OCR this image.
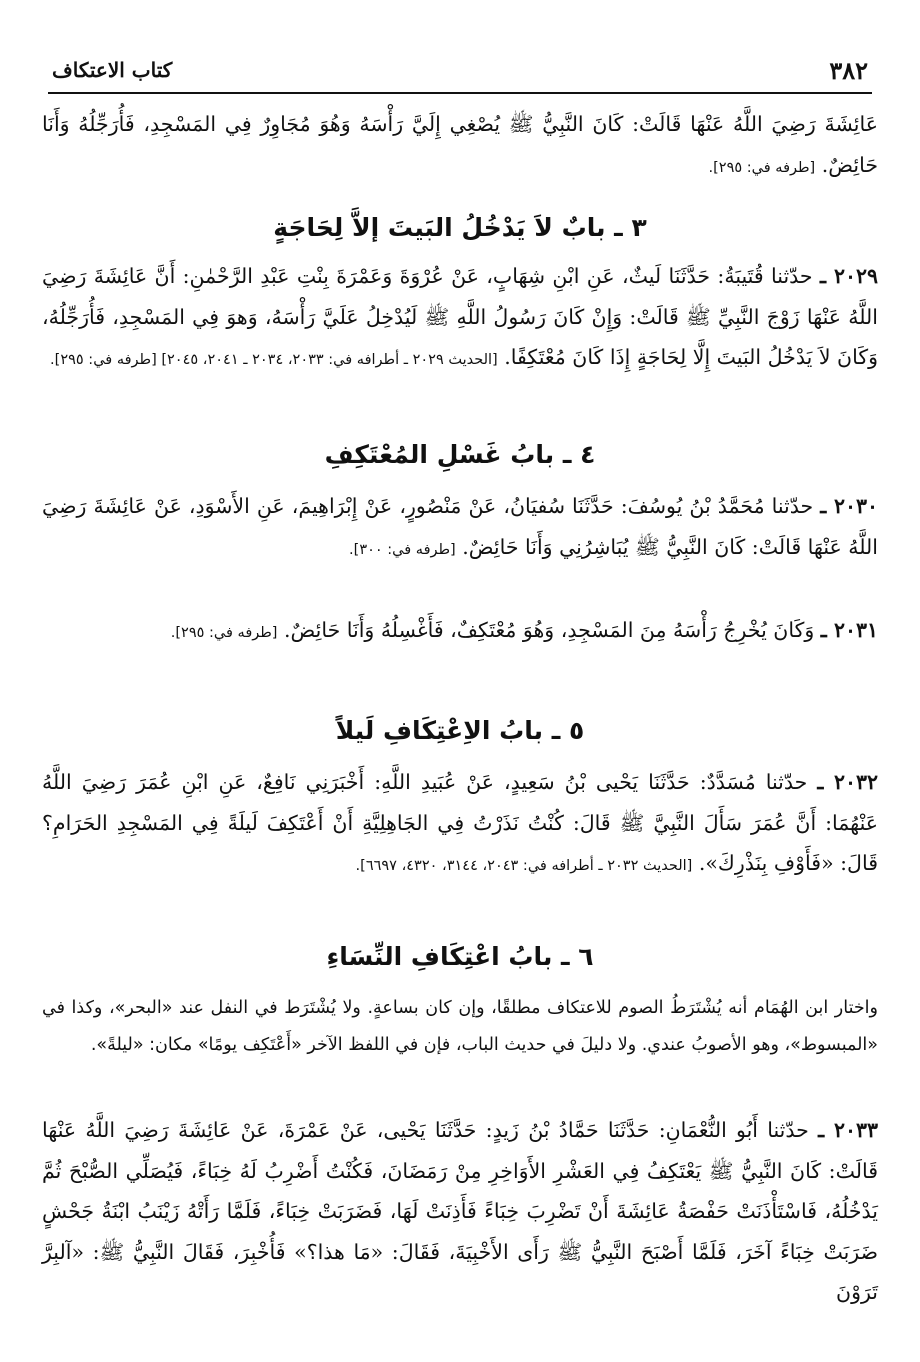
٣٨٢
كتاب الاعتكاف

عَائِشَةَ رَضِيَ اللَّهُ عَنْهَا قَالَتْ: كَانَ النَّبِيُّ ﷺ يُصْغِي إِلَيَّ رَأْسَهُ وَهُوَ مُجَاوِرٌ فِي المَسْجِدِ، فَأُرَجِّلُهُ وَأَنَا حَائِضٌ. [طرفه في: ٢٩٥].

٣ ـ بابٌ لاَ يَدْخُلُ البَيتَ إلاَّ لِحَاجَةٍ

٢٠٢٩ ـ حدّثنا قُتَيبَةُ: حَدَّثَنَا لَيثٌ، عَنِ ابْنِ شِهَابٍ، عَنْ عُرْوَةَ وَعَمْرَةَ بِنْتِ عَبْدِ الرَّحْمٰنِ: أَنَّ عَائِشَةَ رَضِيَ اللَّهُ عَنْهَا زَوْجَ النَّبِيِّ ﷺ قَالَتْ: وَإِنْ كَانَ رَسُولُ اللَّهِ ﷺ لَيُدْخِلُ عَلَيَّ رَأْسَهُ، وَهوَ فِي المَسْجِدِ، فَأُرَجِّلُهُ، وَكَانَ لاَ يَدْخُلُ البَيتَ إِلَّا لِحَاجَةٍ إِذَا كَانَ مُعْتَكِفًا. [الحديث ٢٠٢٩ ـ أطرافه في: ٢٠٣٣، ٢٠٣٤ ـ ٢٠٤١، ٢٠٤٥] [طرفه في: ٢٩٥].

٤ ـ بابُ غَسْلِ المُعْتَكِفِ

٢٠٣٠ ـ حدّثنا مُحَمَّدُ بْنُ يُوسُفَ: حَدَّثَنَا سُفيَانُ، عَنْ مَنْصُورٍ، عَنْ إِبْرَاهِيمَ، عَنِ الأَسْوَدِ، عَنْ عَائِشَةَ رَضِيَ اللَّهُ عَنْهَا قَالَتْ: كَانَ النَّبِيُّ ﷺ يُبَاشِرُنِي وَأَنَا حَائِضٌ. [طرفه في: ٣٠٠].

٢٠٣١ ـ وَكَانَ يُخْرِجُ رَأْسَهُ مِنَ المَسْجِدِ، وَهُوَ مُعْتَكِفٌ، فَأَغْسِلُهُ وَأَنَا حَائِضٌ. [طرفه في: ٢٩٥].

٥ ـ بابُ الاِعْتِكَافِ لَيلاً

٢٠٣٢ ـ حدّثنا مُسَدَّدٌ: حَدَّثَنَا يَحْيى بْنُ سَعِيدٍ، عَنْ عُبَيدِ اللَّهِ: أَخْبَرَنِي نَافِعٌ، عَنِ ابْنِ عُمَرَ رَضِيَ اللَّهُ عَنْهُمَا: أَنَّ عُمَرَ سَأَلَ النَّبِيَّ ﷺ قَالَ: كُنْتُ نَذَرْتُ فِي الجَاهِلِيَّةِ أَنْ أَعْتَكِفَ لَيلَةً فِي المَسْجِدِ الحَرَامِ؟ قَالَ: «فَأَوْفِ بِنَذْرِكَ». [الحديث ٢٠٣٢ ـ أطرافه في: ٢٠٤٣، ٣١٤٤، ٤٣٢٠، ٦٦٩٧].

٦ ـ بابُ اعْتِكَافِ النِّسَاءِ

واختار ابن الهُمَام أنه يُشْتَرَطُ الصوم للاعتكاف مطلقًا، وإن كان بساعةٍ. ولا يُشْتَرَط في النفل عند «البحر»، وكذا في «المبسوط»، وهو الأصوبُ عندي. ولا دليلَ في حديث الباب، فإن في اللفظ الآخر «أَعْتَكِف يومًا» مكان: «ليلةً».

٢٠٣٣ ـ حدّثنا أَبُو النُّعْمَانِ: حَدَّثَنَا حَمَّادُ بْنُ زَيدٍ: حَدَّثَنَا يَحْيى، عَنْ عَمْرَةَ، عَنْ عَائِشَةَ رَضِيَ اللَّهُ عَنْهَا قَالَتْ: كَانَ النَّبِيُّ ﷺ يَعْتَكِفُ فِي العَشْرِ الأَوَاخِرِ مِنْ رَمَضَانَ، فَكُنْتُ أَضْرِبُ لَهُ خِبَاءً، فَيُصَلِّي الصُّبْحَ ثُمَّ يَدْخُلُهُ، فَاسْتَأْذَنَتْ حَفْصَةُ عَائِشَةَ أَنْ تَضْرِبَ خِبَاءً فَأَذِنَتْ لَهَا، فَضَرَبَتْ خِبَاءً، فَلَمَّا رَأَتْهُ زَيْنَبُ ابْنَةُ جَحْشٍ ضَرَبَتْ خِبَاءً آخَرَ، فَلَمَّا أَصْبَحَ النَّبِيُّ ﷺ رَأَى الأَخْبِيَةَ، فَقَالَ: «مَا هذا؟» فَأُخْبِرَ، فَقَالَ النَّبِيُّ ﷺ: «آلبِرَّ تَرَوْنَ
